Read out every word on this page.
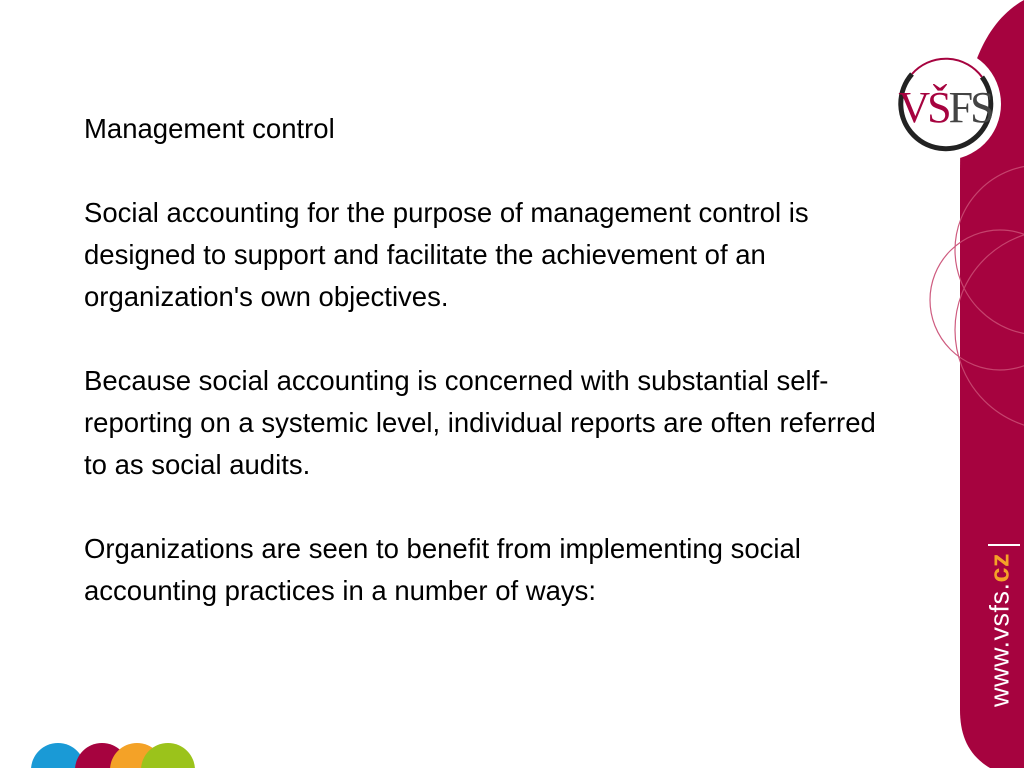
VŠ FS
www.vsfs.cz

Management control

Social accounting for the purpose of management control is designed to support and facilitate the achievement of an organization's own objectives.

Because social accounting is concerned with substantial self-reporting on a systemic level, individual reports are often referred to as social audits.

Organizations are seen to benefit from implementing social accounting practices in a number of ways:
